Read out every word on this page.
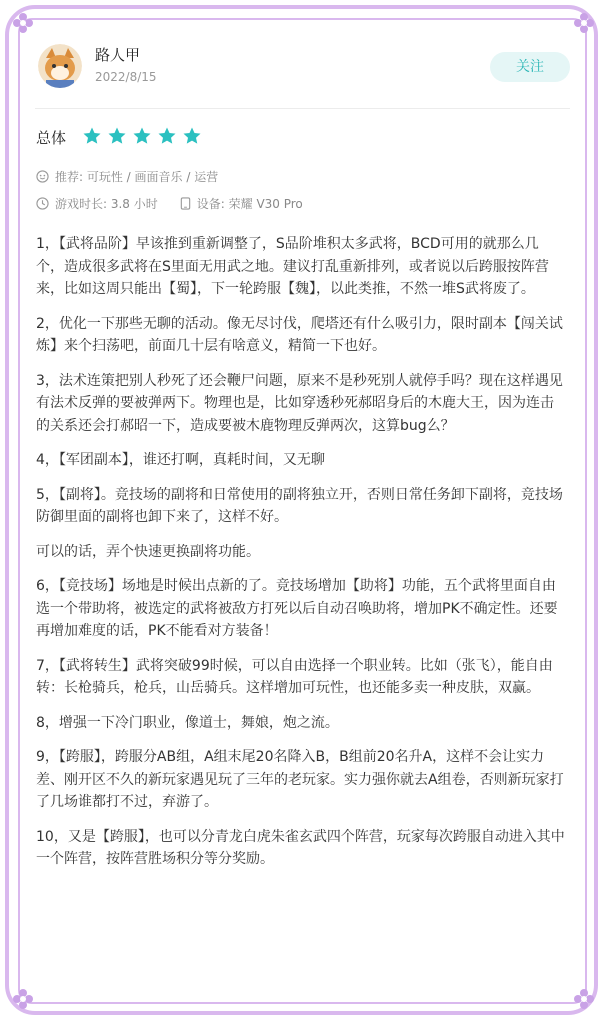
路人甲
2022/8/15
关注
总体
推荐: 可玩性 / 画面音乐 / 运营
游戏时长: 3.8 小时	设备: 荣耀 V30 Pro

1，【武将品阶】早该推到重新调整了，S品阶堆积太多武将，BCD可用的就那么几个，造成很多武将在S里面无用武之地。建议打乱重新排列，或者说以后跨服按阵营来，比如这周只能出【蜀】，下一轮跨服【魏】，以此类推，不然一堆S武将废了。

2，优化一下那些无聊的活动。像无尽讨伐，爬塔还有什么吸引力，限时副本【闯关试炼】来个扫荡吧，前面几十层有啥意义，精简一下也好。

3，法术连策把别人秒死了还会鞭尸问题，原来不是秒死别人就停手吗？现在这样遇见有法术反弹的要被弹两下。物理也是，比如穿透秒死郝昭身后的木鹿大王，因为连击的关系还会打郝昭一下，造成要被木鹿物理反弹两次，这算bug么？

4，【军团副本】，谁还打啊，真耗时间，又无聊

5，【副将】。竞技场的副将和日常使用的副将独立开，否则日常任务卸下副将，竞技场防御里面的副将也卸下来了，这样不好。

可以的话，弄个快速更换副将功能。

6，【竞技场】场地是时候出点新的了。竞技场增加【助将】功能，五个武将里面自由选一个带助将，被选定的武将被敌方打死以后自动召唤助将，增加PK不确定性。还要再增加难度的话，PK不能看对方装备！

7，【武将转生】武将突破99时候，可以自由选择一个职业转。比如（张飞），能自由转：长枪骑兵，枪兵，山岳骑兵。这样增加可玩性，也还能多卖一种皮肤，双赢。

8，增强一下冷门职业，像道士，舞娘，炮之流。

9，【跨服】，跨服分AB组，A组末尾20名降入B，B组前20名升A，这样不会让实力差、刚开区不久的新玩家遇见玩了三年的老玩家。实力强你就去A组卷，否则新玩家打了几场谁都打不过，弃游了。

10，又是【跨服】，也可以分青龙白虎朱雀玄武四个阵营，玩家每次跨服自动进入其中一个阵营，按阵营胜场积分等分奖励。
